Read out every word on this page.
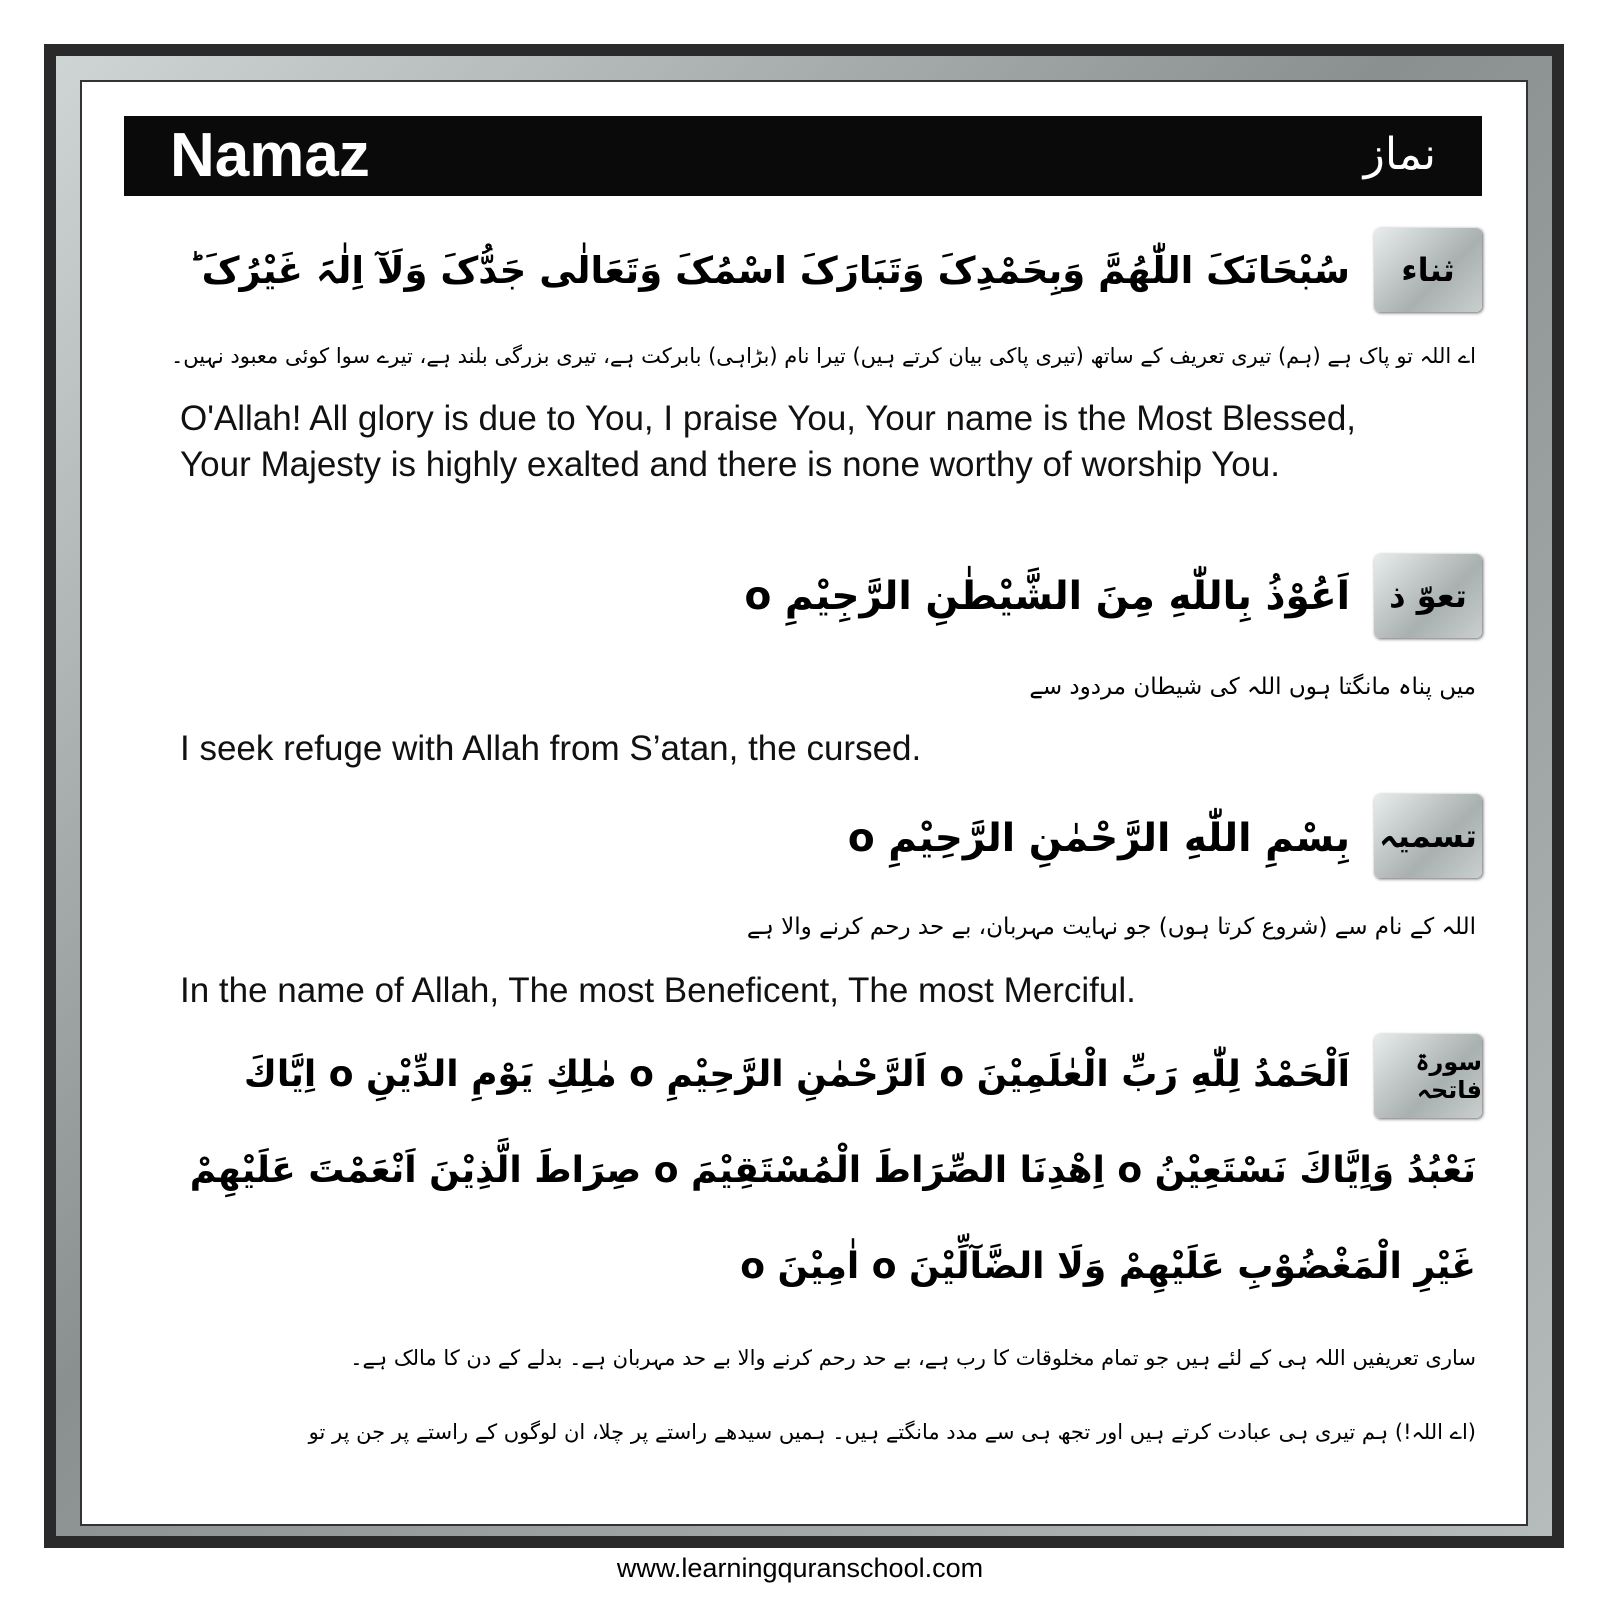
Namaz	نماز
ثناء
سُبْحَانَکَ اللّٰھُمَّ وَبِحَمْدِکَ وَتَبَارَکَ اسْمُکَ وَتَعَالٰی جَدُّکَ وَلَآ اِلٰہَ غَیْرُکَ ؕ
اے اللہ تو پاک ہے (ہم) تیری تعریف کے ساتھ (تیری پاکی بیان کرتے ہیں) تیرا نام (بڑاہی) بابرکت ہے، تیری بزرگی بلند ہے، تیرے سوا کوئی معبود نہیں۔
O'Allah! All glory is due to You, I praise You, Your name is the Most Blessed, Your Majesty is highly exalted and there is none worthy of worship You.
تعوّ ذ
اَعُوْذُ بِاللّٰهِ مِنَ الشَّيْطٰنِ الرَّجِيْمِ o
میں پناہ مانگتا ہوں اللہ کی شیطان مردود سے
I seek refuge with Allah from S’atan, the cursed.
تسمیہ
بِسْمِ اللّٰهِ الرَّحْمٰنِ الرَّحِيْمِ o
اللہ کے نام سے (شروع کرتا ہوں) جو نہایت مہربان، بے حد رحم کرنے والا ہے
In the name of Allah, The most Beneficent, The most Merciful.
سورۃ فاتحہ
اَلْحَمْدُ لِلّٰهِ رَبِّ الْعٰلَمِيْنَ o اَلرَّحْمٰنِ الرَّحِيْمِ o مٰلِكِ يَوْمِ الدِّيْنِ o اِيَّاكَ
نَعْبُدُ وَاِيَّاكَ نَسْتَعِيْنُ o اِهْدِنَا الصِّرَاطَ الْمُسْتَقِيْمَ o صِرَاطَ الَّذِيْنَ اَنْعَمْتَ عَلَيْهِمْ
غَيْرِ الْمَغْضُوْبِ عَلَيْهِمْ وَلَا الضَّآلِّيْنَ o اٰمِيْنَ o
ساری تعریفیں اللہ ہی کے لئے ہیں جو تمام مخلوقات کا رب ہے، بے حد رحم کرنے والا بے حد مہربان ہے۔ بدلے کے دن کا مالک ہے۔
(اے اللہ!) ہم تیری ہی عبادت کرتے ہیں اور تجھ ہی سے مدد مانگتے ہیں۔ ہمیں سیدھے راستے پر چلا، ان لوگوں کے راستے پر جن پر تو
Continue...
www.learningquranschool.com
